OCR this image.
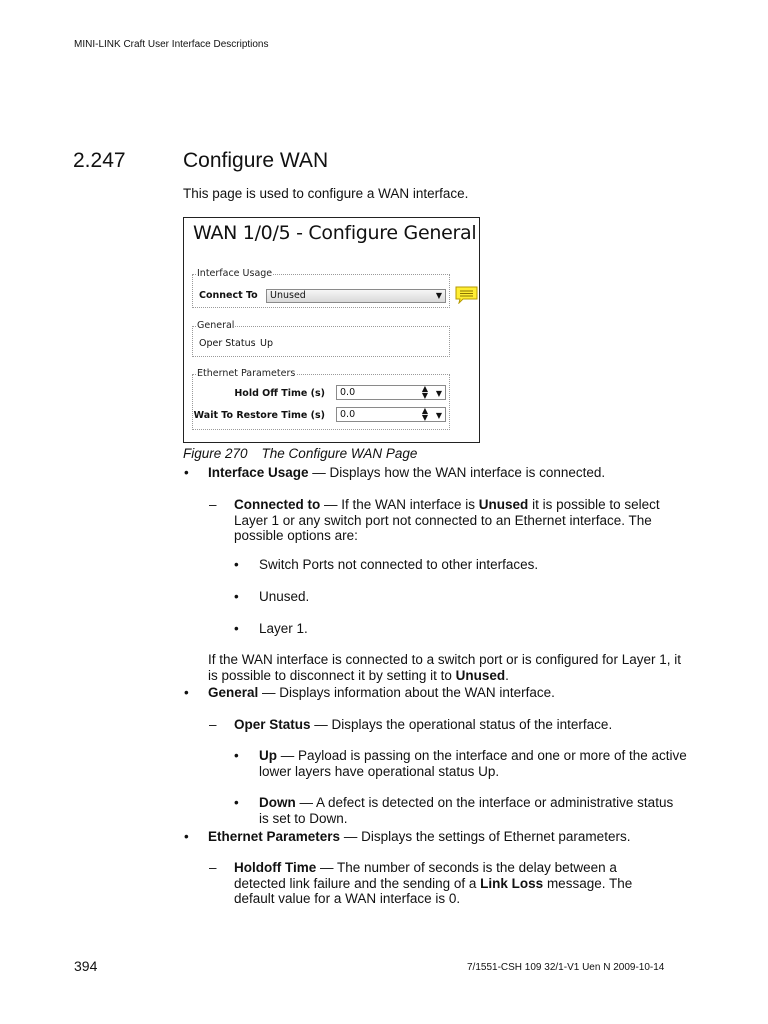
MINI-LINK Craft User Interface Descriptions
2.247	Configure WAN
This page is used to configure a WAN interface.
WAN 1/0/5 - Configure General
Interface Usage
Connect To	Unused	▼
General
Oper Status Up
Ethernet Parameters
Hold Off Time (s)	0.0	▲
▼ ▼
Wait To Restore Time (s)	0.0	▲
▼ ▼
Figure 270 The Configure WAN Page
• Interface Usage — Displays how the WAN interface is connected.
– Connected to — If the WAN interface is Unused it is possible to select Layer 1 or any switch port not connected to an Ethernet interface. The possible options are:
• Switch Ports not connected to other interfaces.
• Unused.
• Layer 1.
If the WAN interface is connected to a switch port or is configured for Layer 1, it is possible to disconnect it by setting it to Unused.
• General — Displays information about the WAN interface.
– Oper Status — Displays the operational status of the interface.
• Up — Payload is passing on the interface and one or more of the active lower layers have operational status Up.
• Down — A defect is detected on the interface or administrative status is set to Down.
• Ethernet Parameters — Displays the settings of Ethernet parameters.
– Holdoff Time — The number of seconds is the delay between a detected link failure and the sending of a Link Loss message. The default value for a WAN interface is 0.
394	7/1551-CSH 109 32/1-V1 Uen N 2009-10-14
